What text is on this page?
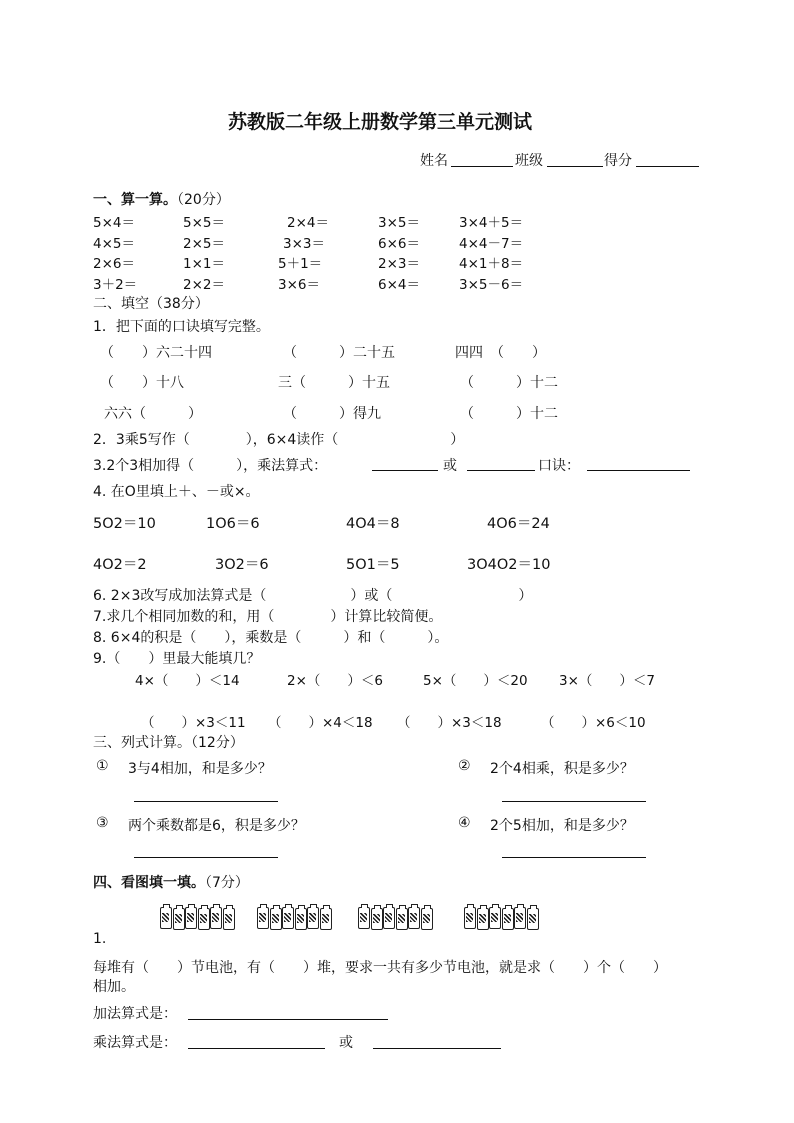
苏教版二年级上册数学第三单元测试
姓名	班级	得分
一、算一算。（20分）
5×4＝	5×5＝	2×4＝	3×5＝	3×4＋5＝
4×5＝	2×5＝	3×3＝	6×6＝	4×4－7＝
2×6＝	1×1＝	5＋1＝	2×3＝	4×1＋8＝
3＋2＝	2×2＝	3×6＝	6×4＝	3×5－6＝
二、填空（38分）
1．把下面的口诀填写完整。
（　　）六二十四	（　　　）二十五	四四　（　　）
（　　）十八	三（　　　）十五	（　　　）十二
六六（　　　）	（　　　）得九	（　　　）十二
2．3乘5写作（　　　　），6×4读作（　　　　　　　　）
3.2个3相加得（　　　），乘法算式：	或	口诀：
4. 在O里填上＋、－或×。
5O2＝10	1O6＝6	4O4＝8	4O6＝24
4O2＝2	3O2＝6	5O1＝5	3O4O2＝10
6. 2×3改写成加法算式是（　　　　　　）或（　　　　　　　　　）
7.求几个相同加数的和，用（　　　　）计算比较简便。
8. 6×4的积是（　　），乘数是（　　　）和（　　　）。
9.（　　）里最大能填几？
4×（　　）＜14	2×（　　）＜6	5×（　　）＜20 3×（　　）＜7
（　　）×3＜11 （　　）×4＜18 （　　）×3＜18	（　　）×6＜10
三、列式计算。（12分）
① 3与4相加，和是多少？	② 2个4相乘，积是多少？
③ 两个乘数都是6，积是多少？	④ 2个5相加，和是多少？
四、看图填一填。（7分）
1.
每堆有（　　）节电池，有（　　）堆，要求一共有多少节电池，就是求（　　）个（　　）
相加。
加法算式是：
乘法算式是：	或
